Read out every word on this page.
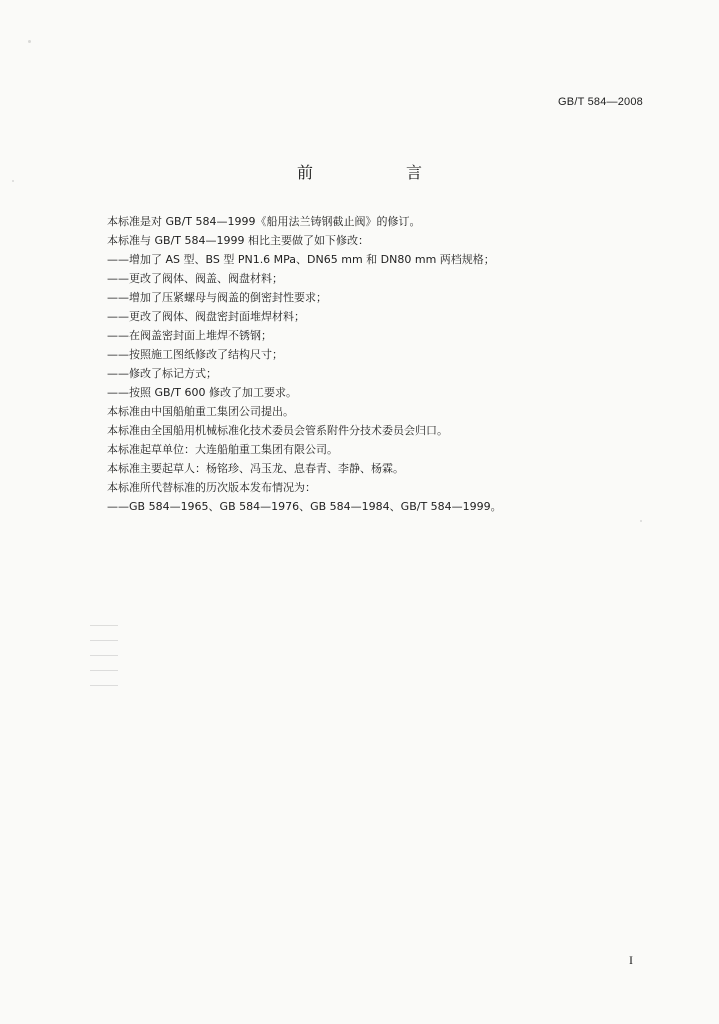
GB/T 584—2008
前 言
本标准是对 GB/T 584—1999《船用法兰铸钢截止阀》的修订。
本标准与 GB/T 584—1999 相比主要做了如下修改：
——增加了 AS 型、BS 型 PN1.6 MPa、DN65 mm 和 DN80 mm 两档规格；
——更改了阀体、阀盖、阀盘材料；
——增加了压紧螺母与阀盖的倒密封性要求；
——更改了阀体、阀盘密封面堆焊材料；
——在阀盖密封面上堆焊不锈钢；
——按照施工图纸修改了结构尺寸；
——修改了标记方式；
——按照 GB/T 600 修改了加工要求。
本标准由中国船舶重工集团公司提出。
本标准由全国船用机械标准化技术委员会管系附件分技术委员会归口。
本标准起草单位：大连船舶重工集团有限公司。
本标准主要起草人：杨铭珍、冯玉龙、息春青、李静、杨霖。
本标准所代替标准的历次版本发布情况为：
——GB 584—1965、GB 584—1976、GB 584—1984、GB/T 584—1999。
I
